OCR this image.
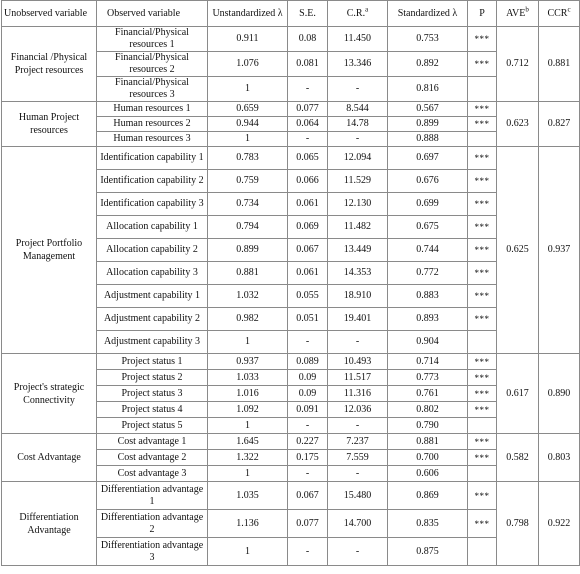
Unobserved variable	Observed variable	Unstandardized λ	S.E.	C.R.$^a$	Standardized λ	P	AVE$^b$	CCR$^c$
Financial /Physical Project resources	Financial/Physical resources 1	0.911	0.08	11.450	0.753	***	0.712	0.881
	Financial/Physical resources 2	1.076	0.081	13.346	0.892	***		
	Financial/Physical resources 3	1	-	-	0.816			
Human Project resources	Human resources 1	0.659	0.077	8.544	0.567	***	0.623	0.827
	Human resources 2	0.944	0.064	14.78	0.899	***		
	Human resources 3	1	-	-	0.888			
Project Portfolio Management	Identification capability 1	0.783	0.065	12.094	0.697	***	0.625	0.937
	Identification capability 2	0.759	0.066	11.529	0.676	***		
	Identification capability 3	0.734	0.061	12.130	0.699	***		
	Allocation capability 1	0.794	0.069	11.482	0.675	***		
	Allocation capability 2	0.899	0.067	13.449	0.744	***		
	Allocation capability 3	0.881	0.061	14.353	0.772	***		
	Adjustment capability 1	1.032	0.055	18.910	0.883	***		
	Adjustment capability 2	0.982	0.051	19.401	0.893	***		
	Adjustment capability 3	1	-	-	0.904			
Project's strategic Connectivity	Project status 1	0.937	0.089	10.493	0.714	***	0.617	0.890
	Project status 2	1.033	0.09	11.517	0.773	***		
	Project status 3	1.016	0.09	11.316	0.761	***		
	Project status 4	1.092	0.091	12.036	0.802	***		
	Project status 5	1	-	-	0.790			
Cost Advantage	Cost advantage 1	1.645	0.227	7.237	0.881	***	0.582	0.803
	Cost advantage 2	1.322	0.175	7.559	0.700	***		
	Cost advantage 3	1	-	-	0.606			
Differentiation Advantage	Differentiation advantage 1	1.035	0.067	15.480	0.869	***	0.798	0.922
	Differentiation advantage 2	1.136	0.077	14.700	0.835	***		
	Differentiation advantage 3	1	-	-	0.875			
